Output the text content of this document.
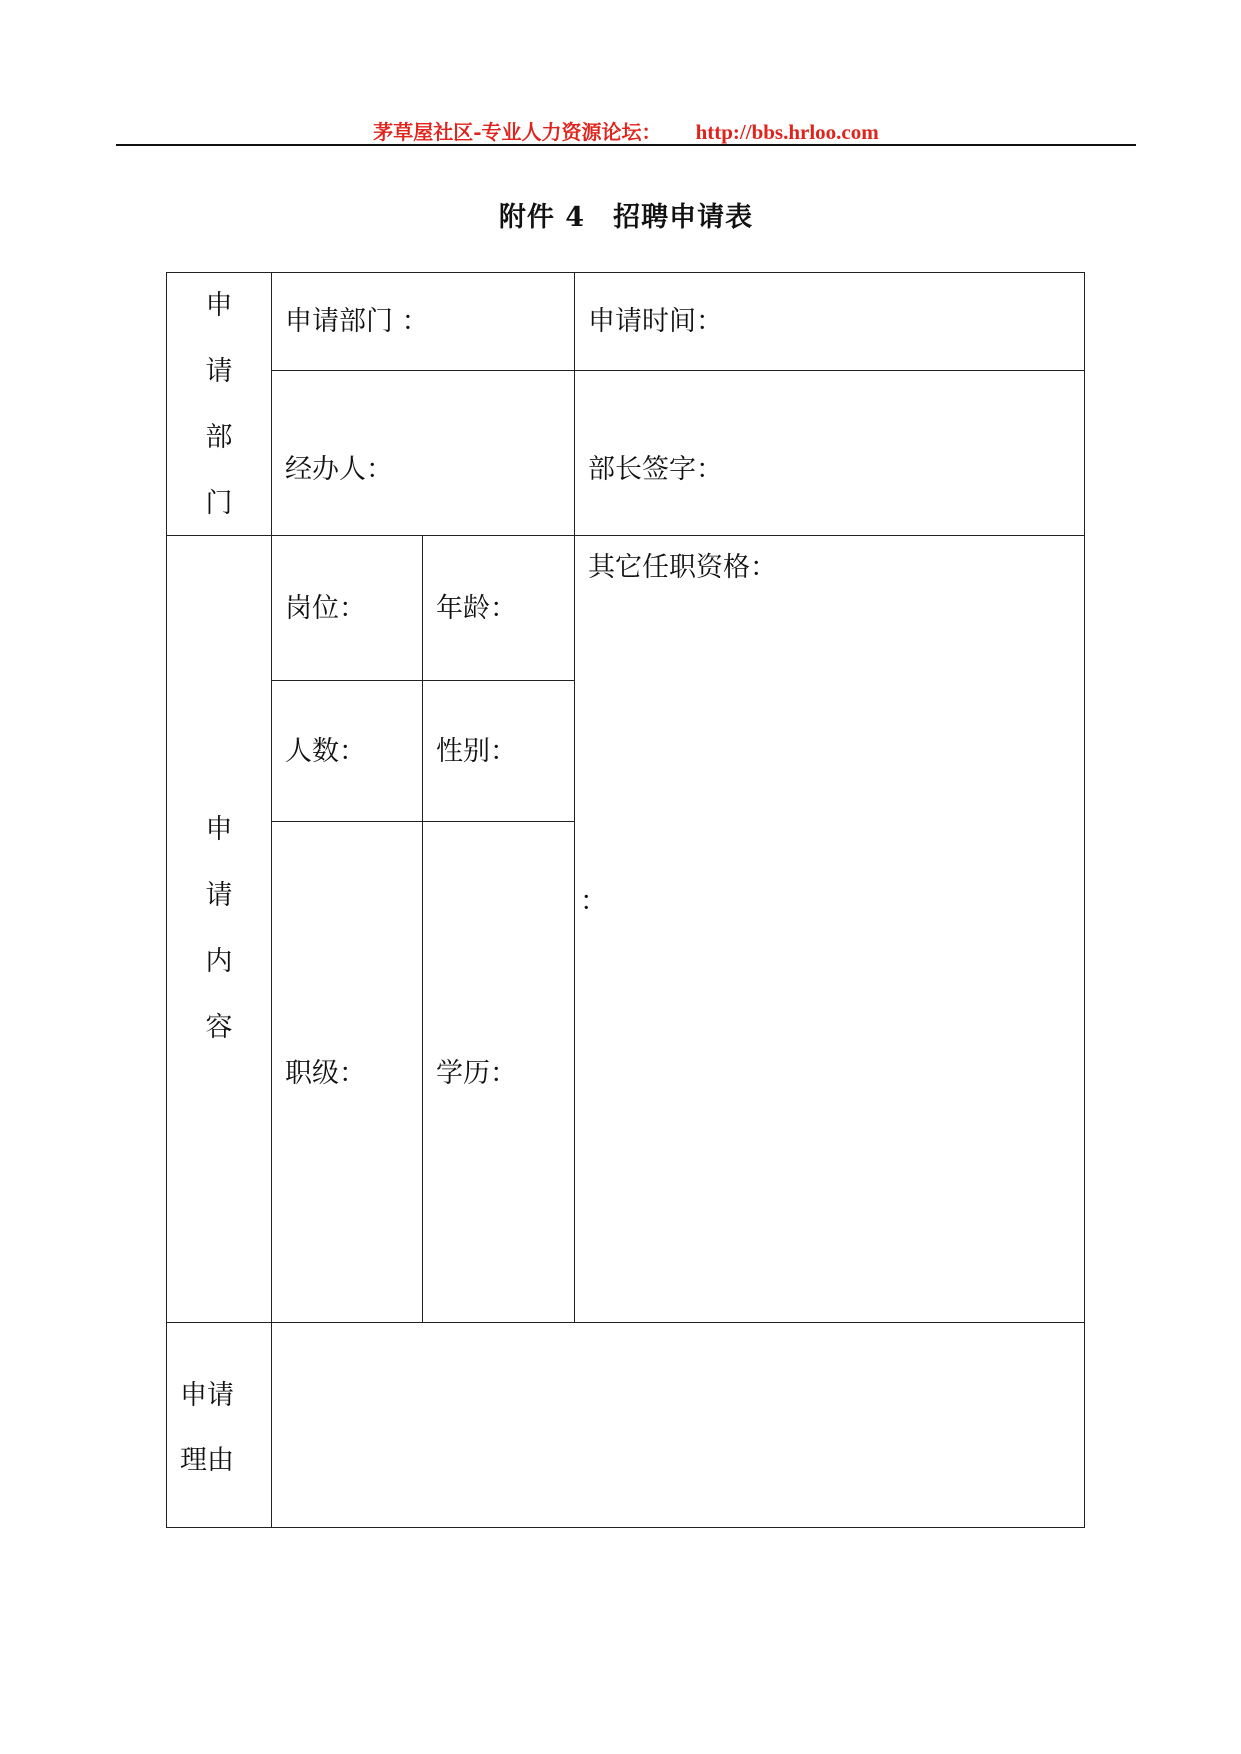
茅草屋社区-专业人力资源论坛： http://bbs.hrloo.com
附件 4 招聘申请表
申
请
部
门
申请部门 ：	申请时间：
经办人：	部长签字：
申
请
内
容
岗位：	年龄：
人数：	性别：
职级：	学历：
其它任职资格：
：
申请
理由
